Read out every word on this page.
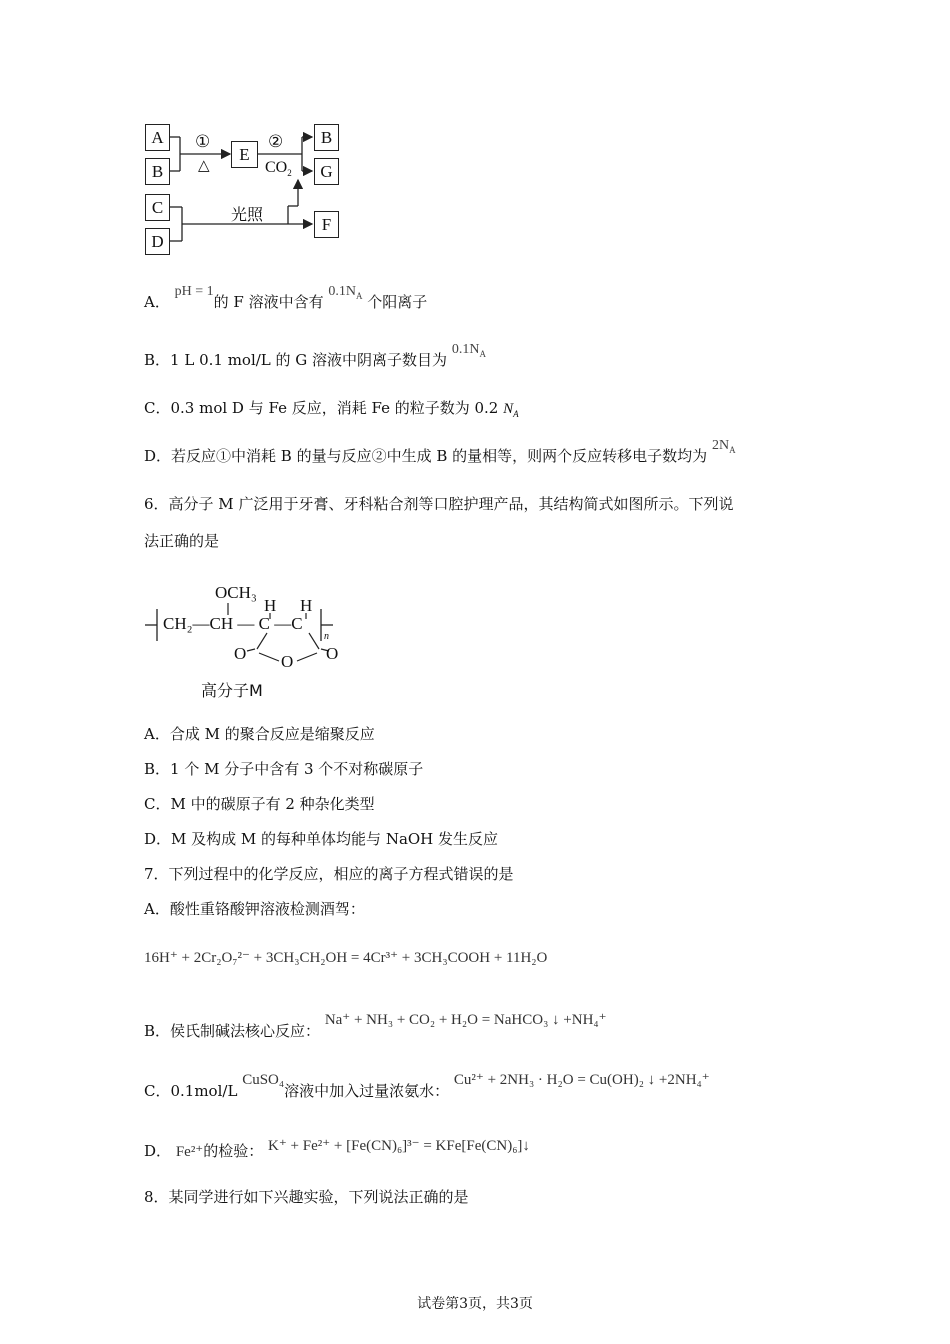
A
B
C
D
E
B
G
F
①
△
②
$CO_2$
光照
A． pH = 1的 F 溶液中含有 $0.1N_A$ 个阳离子
B．1 L 0.1 mol/L 的 G 溶液中阴离子数目为 $0.1N_A$
C．0.3 mol D 与 Fe 反应，消耗 Fe 的粒子数为 0.2 $N_A$
D．若反应①中消耗 B 的量与反应②中生成 B 的量相等，则两个反应转移电子数均为 $2N_A$
6．高分子 M 广泛用于牙膏、牙科粘合剂等口腔护理产品，其结构简式如图所示。下列说
法正确的是
OCH₃
H H
CH₂—CH — C —C
n
O O O
高分子M
A．合成 M 的聚合反应是缩聚反应
B．1 个 M 分子中含有 3 个不对称碳原子
C．M 中的碳原子有 2 种杂化类型
D．M 及构成 M 的每种单体均能与 NaOH 发生反应
7．下列过程中的化学反应，相应的离子方程式错误的是
A．酸性重铬酸钾溶液检测酒驾：
16H⁺ + 2Cr₂O₇²⁻ + 3CH₃CH₂OH = 4Cr³⁺ + 3CH₃COOH + 11H₂O
B．侯氏制碱法核心反应： Na⁺ + NH₃ + CO₂ + H₂O = NaHCO₃ ↓ +NH₄⁺
C．0.1mol/L CuSO₄溶液中加入过量浓氨水： Cu²⁺ + 2NH₃ · H₂O = Cu(OH)₂ ↓ +2NH₄⁺
D． Fe²⁺的检验： K⁺ + Fe²⁺ + [Fe(CN)₆]³⁻ = KFe[Fe(CN)₆]↓
8．某同学进行如下兴趣实验，下列说法正确的是
试卷第3页，共3页
